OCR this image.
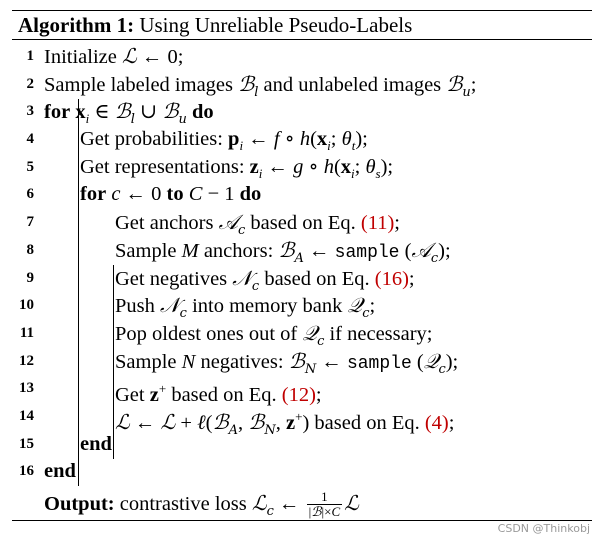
Algorithm 1: Using Unreliable Pseudo-Labels
1 Initialize ℒ ← 0;
2 Sample labeled images ℬ$_l$ and unlabeled images ℬ$_u$;
3 for $x_i$ ∈ ℬ$_l$ ∪ ℬ$_u$ do
4 Get probabilities: $p_i$ ← f ∘ $h(x_i$; $\theta_t$);
5 Get representations: $z_i$ ← g ∘ $h(x_i$; $\theta_s$);
6 for c ← 0 to C − 1 do
7	Get anchors 𝒜$_c$ based on Eq. (11);
8	Sample M anchors: ℬ$_A$ ← sample (𝒜$_c$);
9	Get negatives 𝒩$_c$ based on Eq. (16);
10	Push 𝒩$_c$ into memory bank 𝒬$_c$;
11	Pop oldest ones out of 𝒬$_c$ if necessary;
12	Sample N negatives: ℬ$_N$ ← sample (𝒬$_c$);
13	Get z+ based on Eq. (12);
14	ℒ ← ℒ + ℓ(ℬ$_A$, ℬ$_N$, z+) based on Eq. (4);
15 end
16 end
Output: contrastive loss ℒ$_c$ ← $\frac{1}{\text{|ℬ|×C}}$ ℒ
CSDN @Thinkobj
